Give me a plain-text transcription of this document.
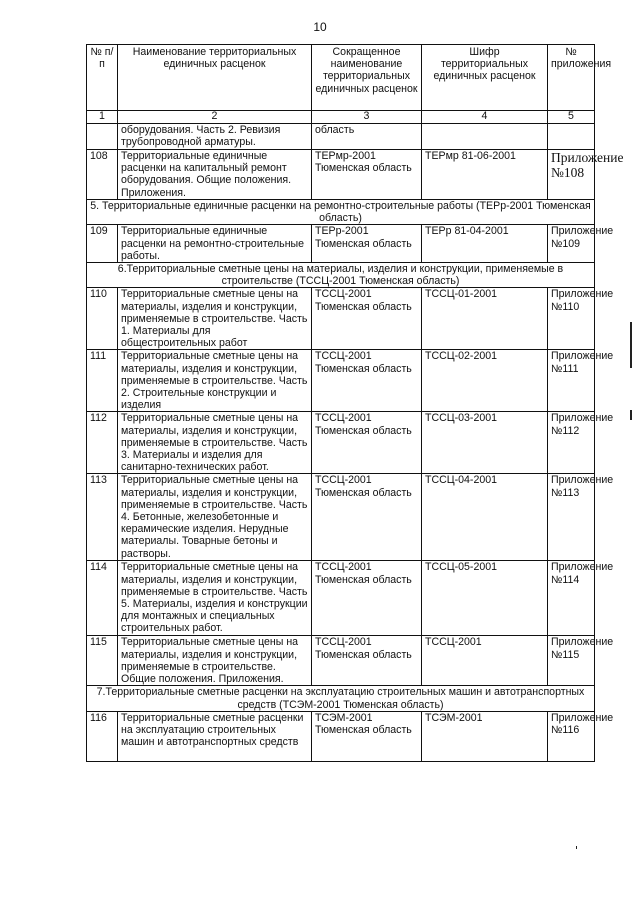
10
№ п/п	Наименование территориальных единичных расценок	Сокращенное наименование территориальных единичных расценок	Шифр территориальных единичных расценок	№ приложения
1	2	3	4	5
	оборудования. Часть 2. Ревизия трубопроводной арматуры.	область		
108	Территориальные единичные расценки на капитальный ремонт оборудования. Общие положения. Приложения.	ТЕРмр-2001 Тюменская область	ТЕРмр 81-06-2001	Приложение №108
5. Территориальные единичные расценки на ремонтно-строительные работы (ТЕРр-2001 Тюменская область)				
109	Территориальные единичные расценки на ремонтно-строительные работы.	ТЕРр-2001 Тюменская область	ТЕРр 81-04-2001	Приложение №109
6.Территориальные сметные цены на материалы, изделия и конструкции, применяемые в строительстве (ТССЦ-2001 Тюменская область)				
110	Территориальные сметные цены на материалы, изделия и конструкции, применяемые в строительстве. Часть 1. Материалы для общестроительных работ	ТССЦ-2001 Тюменская область	ТССЦ-01-2001	Приложение №110
111	Территориальные сметные цены на материалы, изделия и конструкции, применяемые в строительстве. Часть 2. Строительные конструкции и изделия	ТССЦ-2001 Тюменская область	ТССЦ-02-2001	Приложение №111
112	Территориальные сметные цены на материалы, изделия и конструкции, применяемые в строительстве. Часть 3. Материалы и изделия для санитарно-технических работ.	ТССЦ-2001 Тюменская область	ТССЦ-03-2001	Приложение №112
113	Территориальные сметные цены на материалы, изделия и конструкции, применяемые в строительстве. Часть 4. Бетонные, железобетонные и керамические изделия. Нерудные материалы. Товарные бетоны и растворы.	ТССЦ-2001 Тюменская область	ТССЦ-04-2001	Приложение №113
114	Территориальные сметные цены на материалы, изделия и конструкции, применяемые в строительстве. Часть 5. Материалы, изделия и конструкции для монтажных и специальных строительных работ.	ТССЦ-2001 Тюменская область	ТССЦ-05-2001	Приложение №114
115	Территориальные сметные цены на материалы, изделия и конструкции, применяемые в строительстве. Общие положения. Приложения.	ТССЦ-2001 Тюменская область	ТССЦ-2001	Приложение №115
7.Территориальные сметные расценки на эксплуатацию строительных машин и автотранспортных средств (ТСЭМ-2001 Тюменская область)				
116	Территориальные сметные расценки на эксплуатацию строительных машин и автотранспортных средств	ТСЭМ-2001 Тюменская область	ТСЭМ-2001	Приложение №116
